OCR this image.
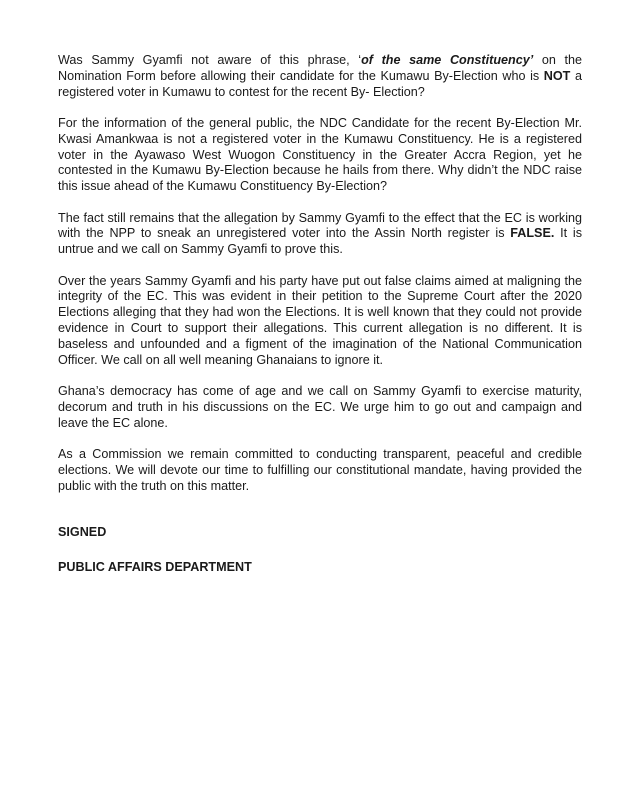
Was Sammy Gyamfi not aware of this phrase, ‘of the same Constituency’ on the Nomination Form before allowing their candidate for the Kumawu By-Election who is NOT a registered voter in Kumawu to contest for the recent By- Election?

For the information of the general public, the NDC Candidate for the recent By-Election Mr. Kwasi Amankwaa is not a registered voter in the Kumawu Constituency. He is a registered voter in the Ayawaso West Wuogon Constituency in the Greater Accra Region, yet he contested in the Kumawu By-Election because he hails from there. Why didn’t the NDC raise this issue ahead of the Kumawu Constituency By-Election?

The fact still remains that the allegation by Sammy Gyamfi to the effect that the EC is working with the NPP to sneak an unregistered voter into the Assin North register is FALSE. It is untrue and we call on Sammy Gyamfi to prove this.

Over the years Sammy Gyamfi and his party have put out false claims aimed at maligning the integrity of the EC. This was evident in their petition to the Supreme Court after the 2020 Elections alleging that they had won the Elections. It is well known that they could not provide evidence in Court to support their allegations. This current allegation is no different. It is baseless and unfounded and a figment of the imagination of the National Communication Officer. We call on all well meaning Ghanaians to ignore it.

Ghana’s democracy has come of age and we call on Sammy Gyamfi to exercise maturity, decorum and truth in his discussions on the EC. We urge him to go out and campaign and leave the EC alone.

As a Commission we remain committed to conducting transparent, peaceful and credible elections. We will devote our time to fulfilling our constitutional mandate, having provided the public with the truth on this matter.

SIGNED
PUBLIC AFFAIRS DEPARTMENT
